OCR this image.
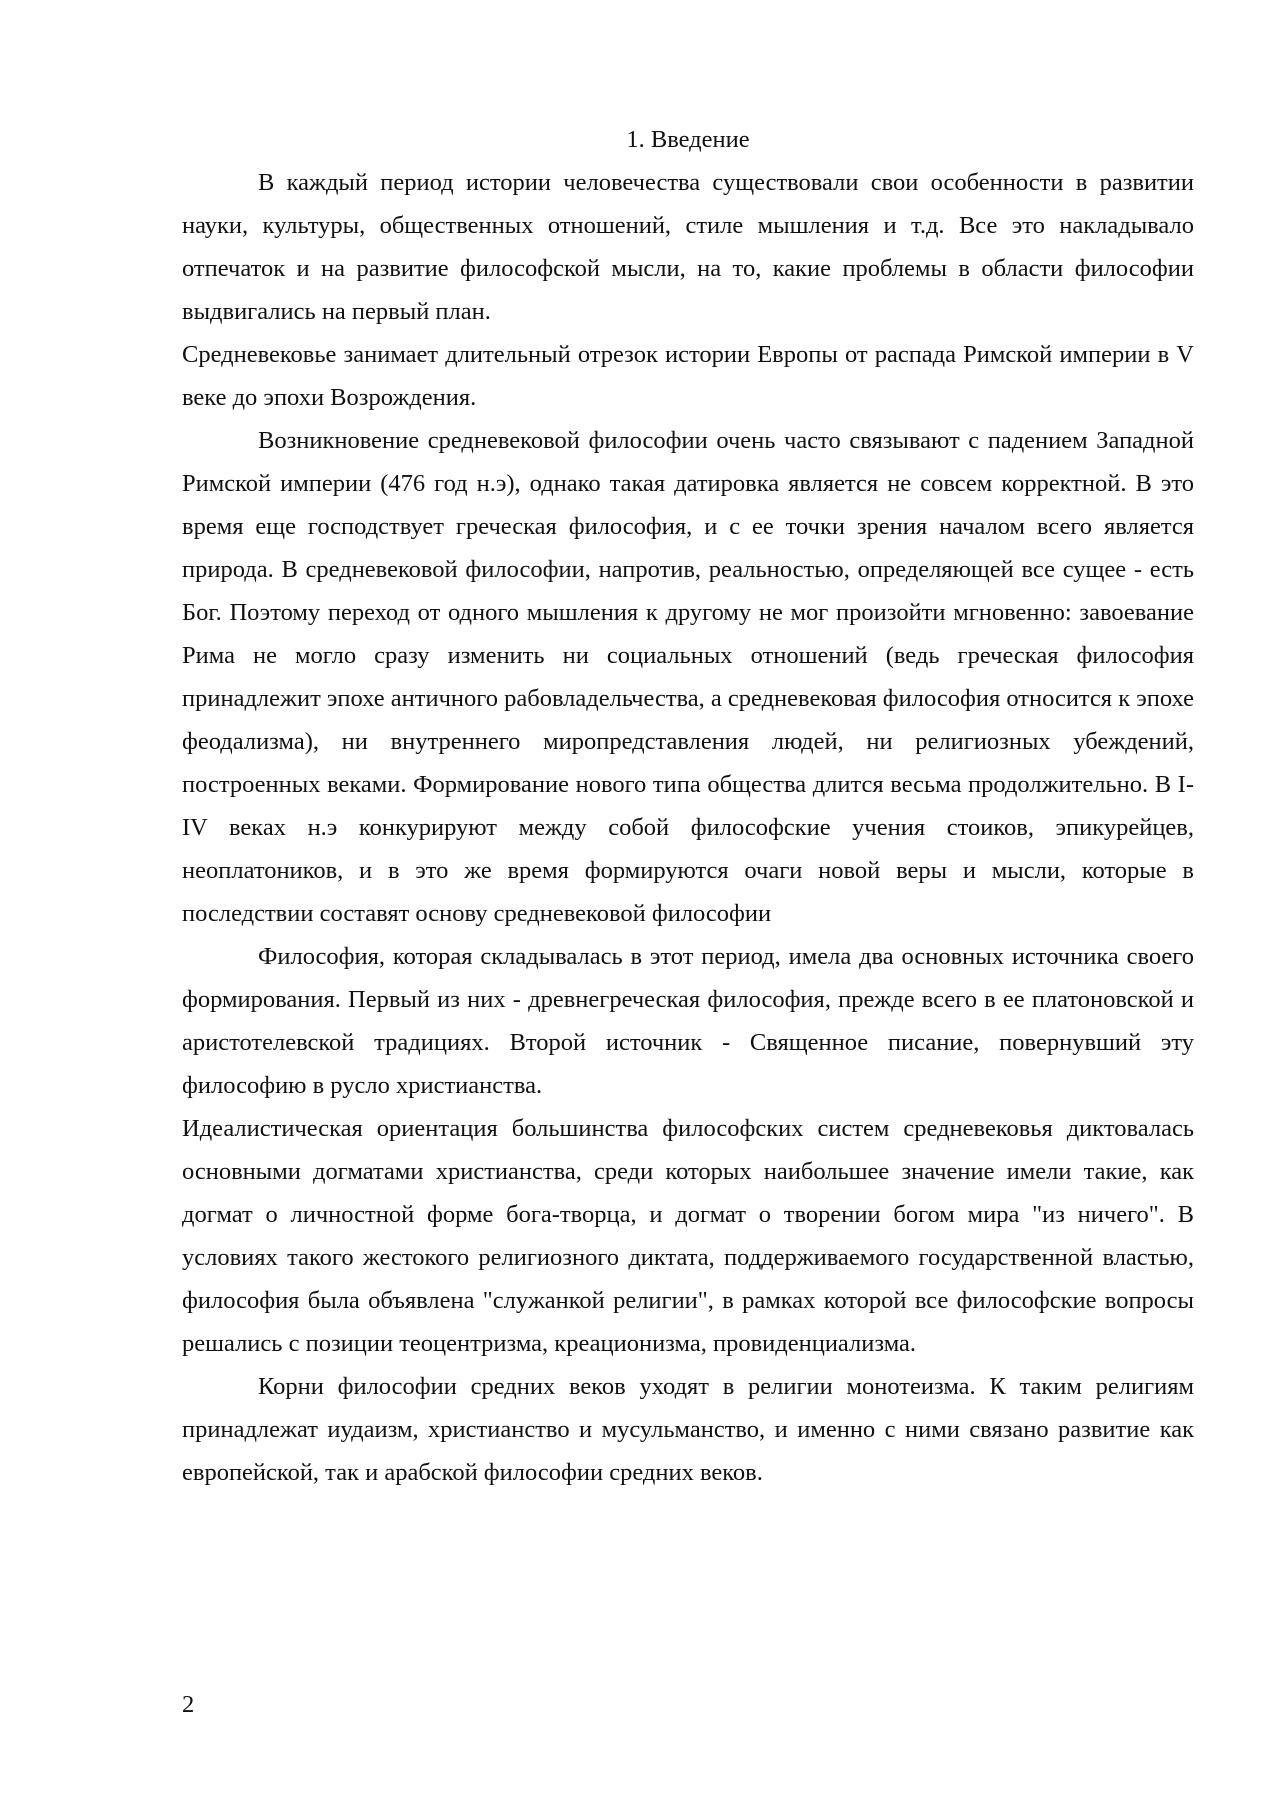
1. Введение

В каждый период истории человечества существовали свои особенности в развитии науки, культуры, общественных отношений, стиле мышления и т.д. Все это накладывало отпечаток и на развитие философской мысли, на то, какие проблемы в области философии выдвигались на первый план.

Средневековье занимает длительный отрезок истории Европы от распада Римской империи в V веке до эпохи Возрождения.

Возникновение средневековой философии очень часто связывают с падением Западной Римской империи (476 год н.э), однако такая датировка является не совсем корректной. В это время еще господствует греческая философия, и с ее точки зрения началом всего является природа. В средневековой философии, напротив, реальностью, определяющей все сущее - есть Бог. Поэтому переход от одного мышления к другому не мог произойти мгновенно: завоевание Рима не могло сразу изменить ни социальных отношений (ведь греческая философия принадлежит эпохе античного рабовладельчества, а средневековая философия относится к эпохе феодализма), ни внутреннего миропредставления людей, ни религиозных убеждений, построенных веками. Формирование нового типа общества длится весьма продолжительно. В I-IV веках н.э конкурируют между собой философские учения стоиков, эпикурейцев, неоплатоников, и в это же время формируются очаги новой веры и мысли, которые в последствии составят основу средневековой философии

Философия, которая складывалась в этот период, имела два основных источника своего формирования. Первый из них - древнегреческая философия, прежде всего в ее платоновской и аристотелевской традициях. Второй источник - Священное писание, повернувший эту философию в русло христианства.

Идеалистическая ориентация большинства философских систем средневековья диктовалась основными догматами христианства, среди которых наибольшее значение имели такие, как догмат о личностной форме бога-творца, и догмат о творении богом мира "из ничего". В условиях такого жестокого религиозного диктата, поддерживаемого государственной властью, философия была объявлена "служанкой религии", в рамках которой все философские вопросы решались с позиции теоцентризма, креационизма, провиденциализма.

Корни философии средних веков уходят в религии монотеизма. К таким религиям принадлежат иудаизм, христианство и мусульманство, и именно с ними связано развитие как европейской, так и арабской философии средних веков.

2
